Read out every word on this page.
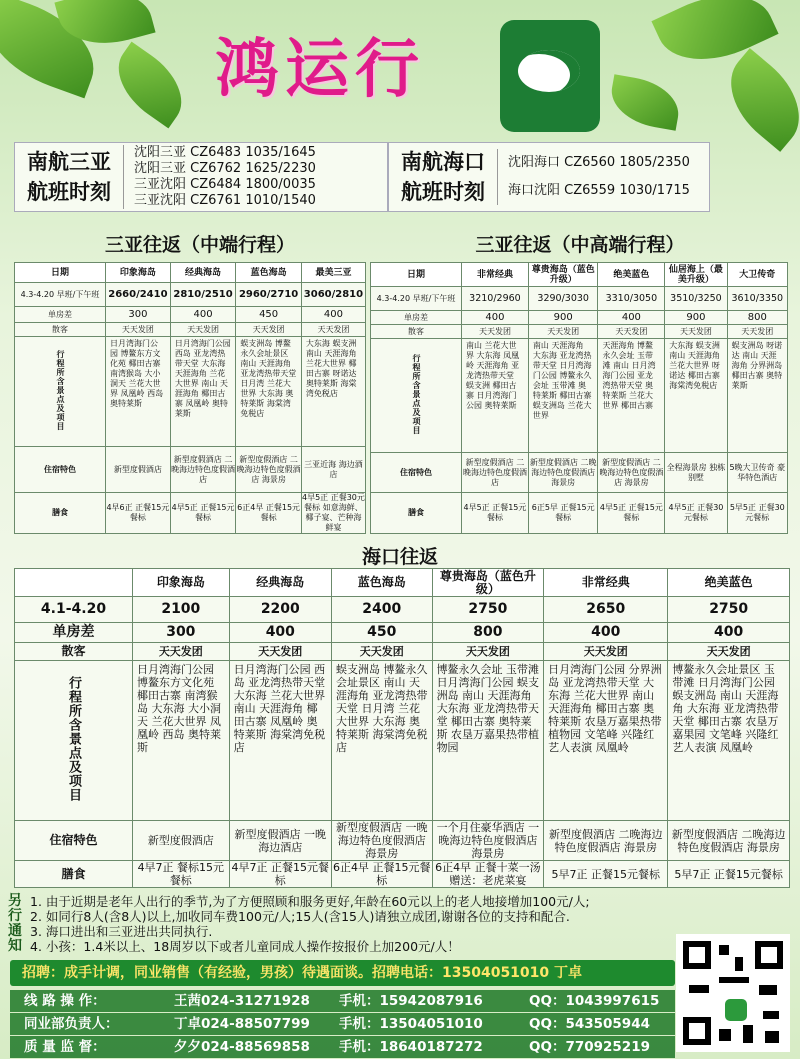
鸿运行
南航三亚
航班时刻
沈阳三亚 CZ6483 1035/1645
沈阳三亚 CZ6762 1625/2230
三亚沈阳 CZ6484 1800/0035
三亚沈阳 CZ6761 1010/1540
南航海口
航班时刻
沈阳海口 CZ6560 1805/2350
海口沈阳 CZ6559 1030/1715
三亚往返（中端行程）	三亚往返（中高端行程）
日期	印象海岛	经典海岛	蓝色海岛	最美三亚
4.3-4.20 早班/下午班	2660/2410	2810/2510	2960/2710	3060/2810
单房差	300	400	450	400
散客	天天发团	天天发团	天天发团	天天发团
行程所含景点及项目	日月湾海门公园 博鳌东方文化苑 椰田古寨 南湾猴岛 大小洞天 兰花大世界 凤凰岭 西岛 奥特莱斯	日月湾海门公园 西岛 亚龙湾热带天堂 大东海 天涯海角 兰花大世界 南山 天涯海角 椰田古寨 凤凰岭 奥特莱斯	蜈支洲岛 博鳌永久会址景区 南山 天涯海角 亚龙湾热带天堂 日月湾 兰花大世界 大东海 奥特莱斯 海棠湾免税店	大东海 蜈支洲 南山 天涯海角 兰花大世界 椰田古寨 呀诺达 奥特莱斯 海棠湾免税店
住宿特色	新型度假酒店	新型度假酒店 二晚海边特色度假酒店	新型度假酒店 二晚海边特色度假酒店 海景房	三亚近海 海边酒店
膳食	4早6正 正餐15元餐标	4早5正 正餐15元餐标	6正4早 正餐15元餐标	4早5正 正餐30元餐标 如意海鲜、椰子宴、芒种海鲜宴
日期	非常经典	尊贵海岛（蓝色升级）	绝美蓝色	仙居海上（最美升级）	大卫传奇
4.3-4.20 早班/下午班	3210/2960	3290/3030	3310/3050	3510/3250	3610/3350
单房差	400	900	400	900	800
散客	天天发团	天天发团	天天发团	天天发团	天天发团
行程所含景点及项目	南山 兰花大世界 大东海 凤凰岭 天涯海角 亚龙湾热带天堂 蜈支洲 椰田古寨 日月湾海门公园 奥特莱斯	南山 天涯海角 大东海 亚龙湾热带天堂 日月湾海门公园 博鳌永久会址 玉带滩 奥特莱斯 椰田古寨 蜈支洲岛 兰花大世界	天涯海角 博鳌永久会址 玉带滩 南山 日月湾海门公园 亚龙湾热带天堂 奥特莱斯 兰花大世界 椰田古寨	大东海 蜈支洲 南山 天涯海角 兰花大世界 呀诺达 椰田古寨 海棠湾免税店	蜈支洲岛 呀诺达 南山 天涯海角 分界洲岛 椰田古寨 奥特莱斯
住宿特色	新型度假酒店 二晚海边特色度假酒店	新型度假酒店 二晚海边特色度假酒店 海景房	新型度假酒店 二晚海边特色度假酒店 海景房	全程海景房 独栋别墅	5晚大卫传奇 豪华特色酒店
膳食	4早5正 正餐15元餐标	6正5早 正餐15元餐标	4早5正 正餐15元餐标	4早5正 正餐30元餐标	5早5正 正餐30元餐标
海口往返
	印象海岛	经典海岛	蓝色海岛	尊贵海岛（蓝色升级）	非常经典	绝美蓝色
4.1-4.20	2100	2200	2400	2750	2650	2750
单房差	300	400	450	800	400	400
散客	天天发团	天天发团	天天发团	天天发团	天天发团	天天发团
行程所含景点及项目	日月湾海门公园 博鳌东方文化苑 椰田古寨 南湾猴岛 大东海 大小洞天 兰花大世界 凤凰岭 西岛 奥特莱斯	日月湾海门公园 西岛 亚龙湾热带天堂 大东海 兰花大世界 南山 天涯海角 椰田古寨 凤凰岭 奥特莱斯 海棠湾免税店	蜈支洲岛 博鳌永久会址景区 南山 天涯海角 亚龙湾热带天堂 日月湾 兰花大世界 大东海 奥特莱斯 海棠湾免税店	博鳌永久会址 玉带滩 日月湾海门公园 蜈支洲岛 南山 天涯海角 大东海 亚龙湾热带天堂 椰田古寨 奥特莱斯 农垦万嘉果热带植物园	日月湾海门公园 分界洲岛 亚龙湾热带天堂 大东海 兰花大世界 南山 天涯海角 椰田古寨 奥特莱斯 农垦万嘉果热带植物园 文笔峰 兴隆红艺人表演 凤凰岭	博鳌永久会址景区 玉带滩 日月湾海门公园 蜈支洲岛 南山 天涯海角 大东海 亚龙湾热带天堂 椰田古寨 农垦万嘉果园 文笔峰 兴隆红艺人表演 凤凰岭
住宿特色	新型度假酒店	新型度假酒店 一晚海边酒店	新型度假酒店 一晚海边特色度假酒店 海景房	一个月住豪华酒店 一晚海边特色度假酒店 海景房	新型度假酒店 二晚海边特色度假酒店 海景房	新型度假酒店 二晚海边特色度假酒店 海景房
膳食	4早7正 餐标15元餐标	4早7正 正餐15元餐标	6正4早 正餐15元餐标	6正4早 正餐十菜一汤 赠送：老虎菜宴	5早7正 正餐15元餐标	5早7正 正餐15元餐标
另
行
通
知
1. 由于近期是老年人出行的季节,为了方便照顾和服务更好,年龄在60元以上的老人地接增加100元/人;
2. 如同行8人(含8人)以上,加收同车费100元/人;15人(含15人)请独立成团,谢谢各位的支持和配合.
3. 海口进出和三亚进出共同执行.
4. 小孩：1.4米以上、18周岁以下或者儿童同成人操作按报价上加200元/人！
招聘：成手计调，同业销售（有经验，男孩）待遇面谈。招聘电话：13504051010 丁卓
线 路 操 作：	王茜024-31271928	手机：15942087916	QQ：1043997615
同业部负责人：	丁卓024-88507799	手机：13504051010	QQ：543505944
质 量 监 督：	夕夕024-88569858	手机：18640187272	QQ：770925219
